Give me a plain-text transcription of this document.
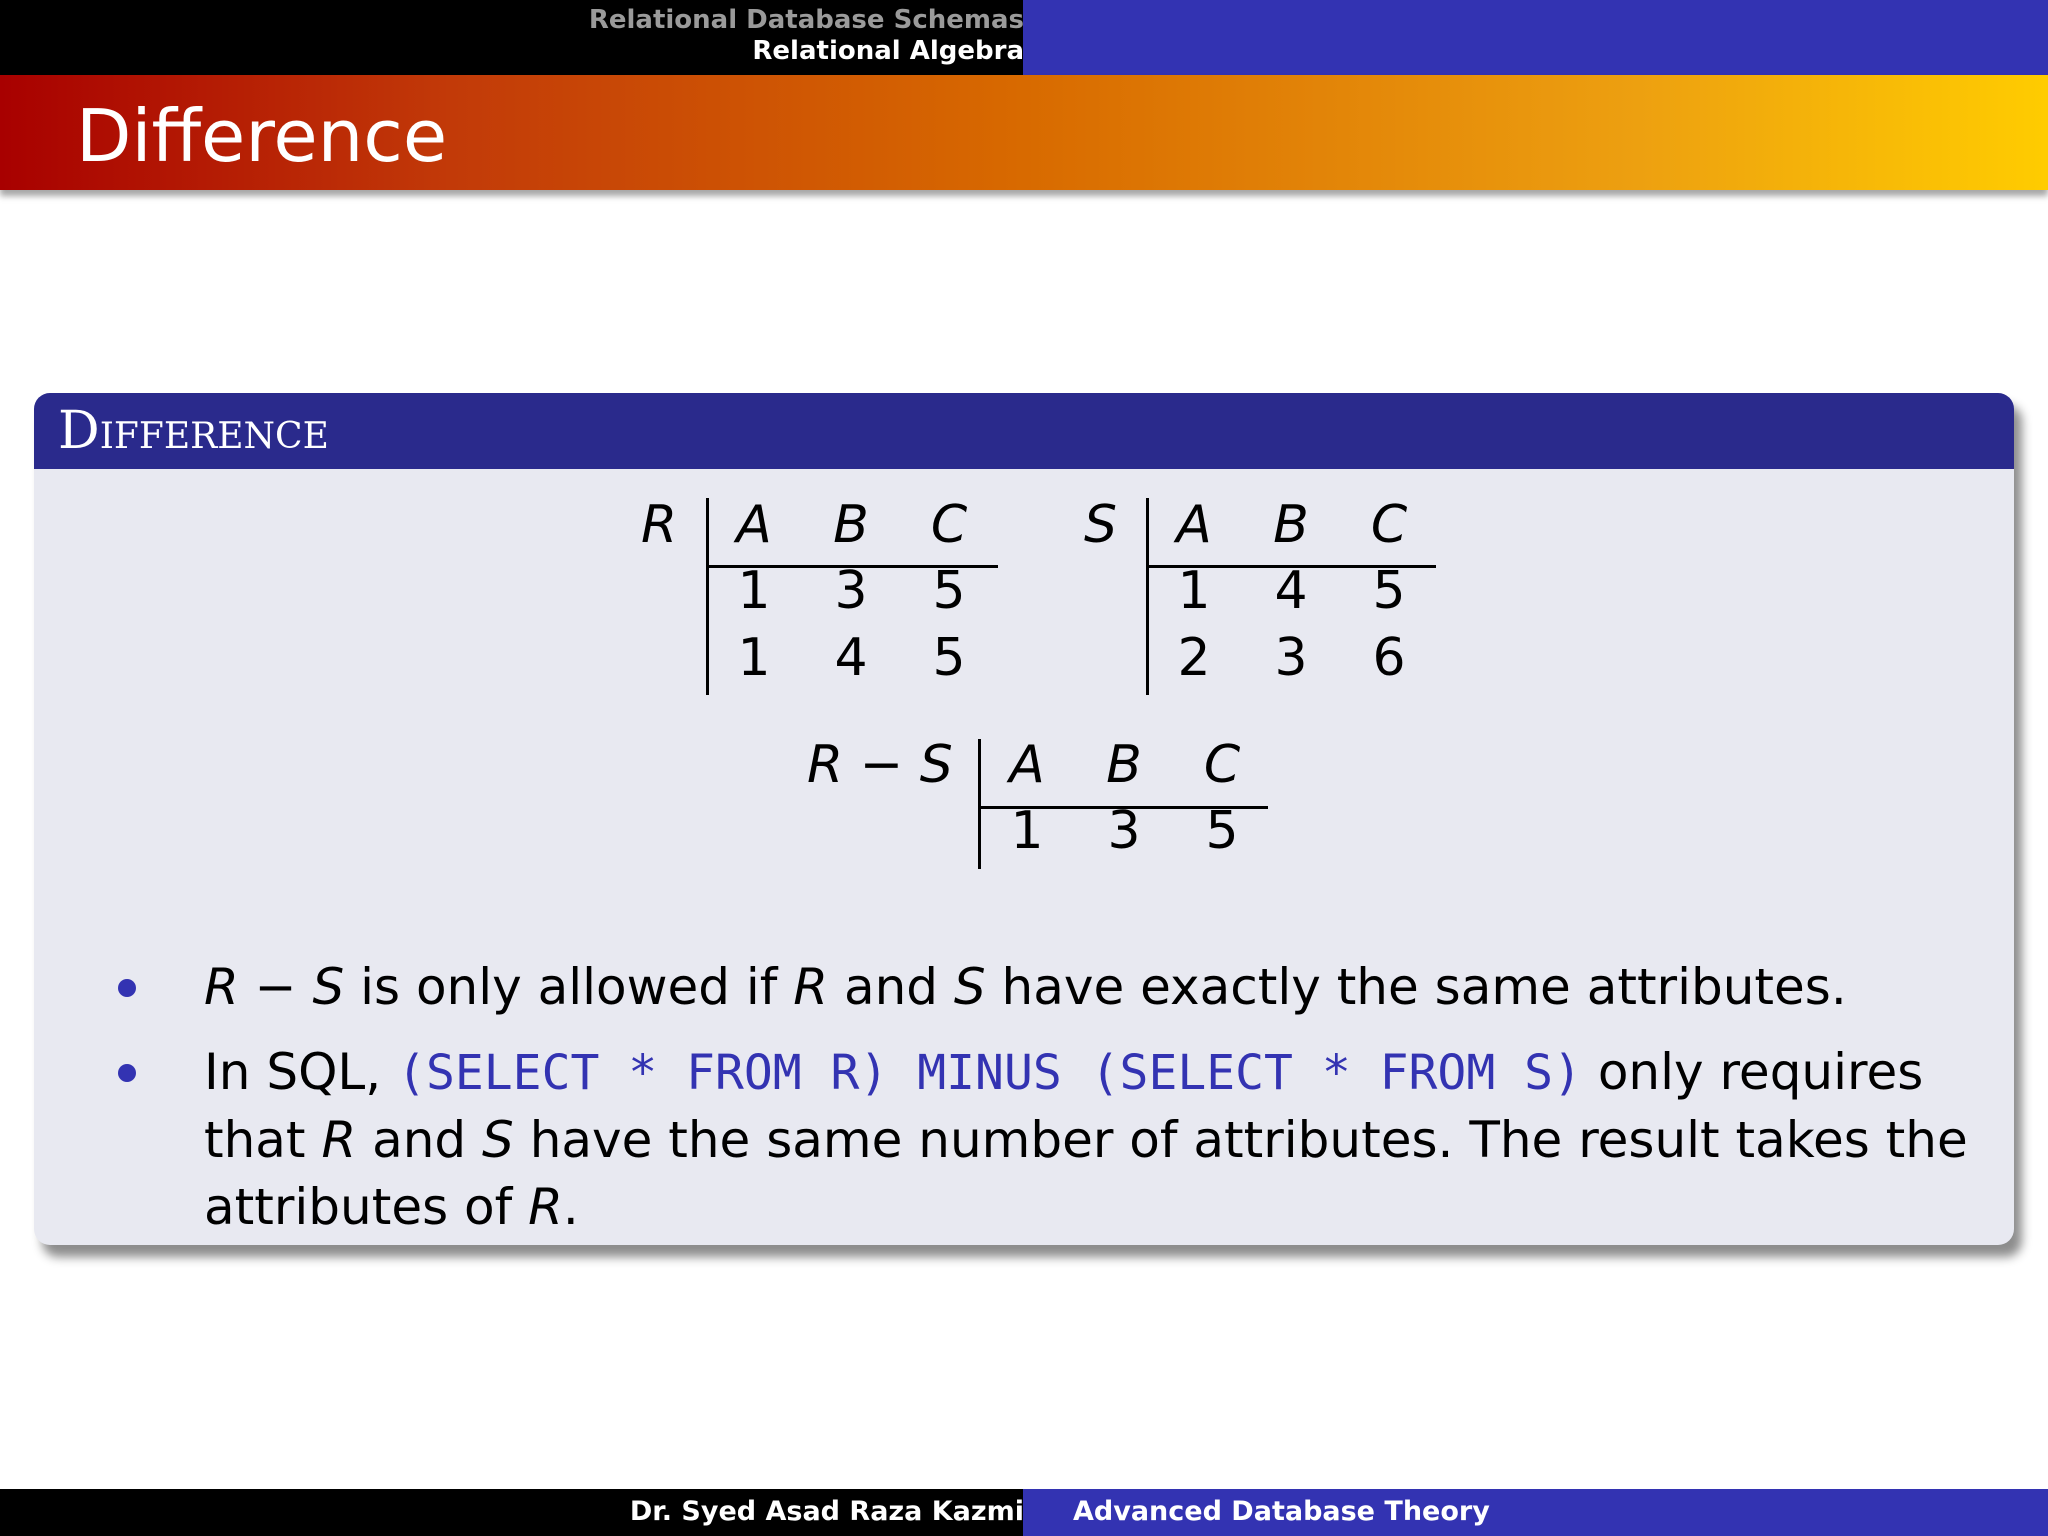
Relational Database Schemas
Relational Algebra
Difference
Difference
R	A	B	C
1	3	5
1	4	5
S	A	B	C
1	4	5
2	3	6
R − S	A	B	C
1	3	5
R − S is only allowed if R and S have exactly the same attributes.
In SQL, (SELECT * FROM R) MINUS (SELECT * FROM S) only requires that R and S have the same number of attributes. The result takes the attributes of R.
Dr. Syed Asad Raza Kazmi Advanced Database Theory
